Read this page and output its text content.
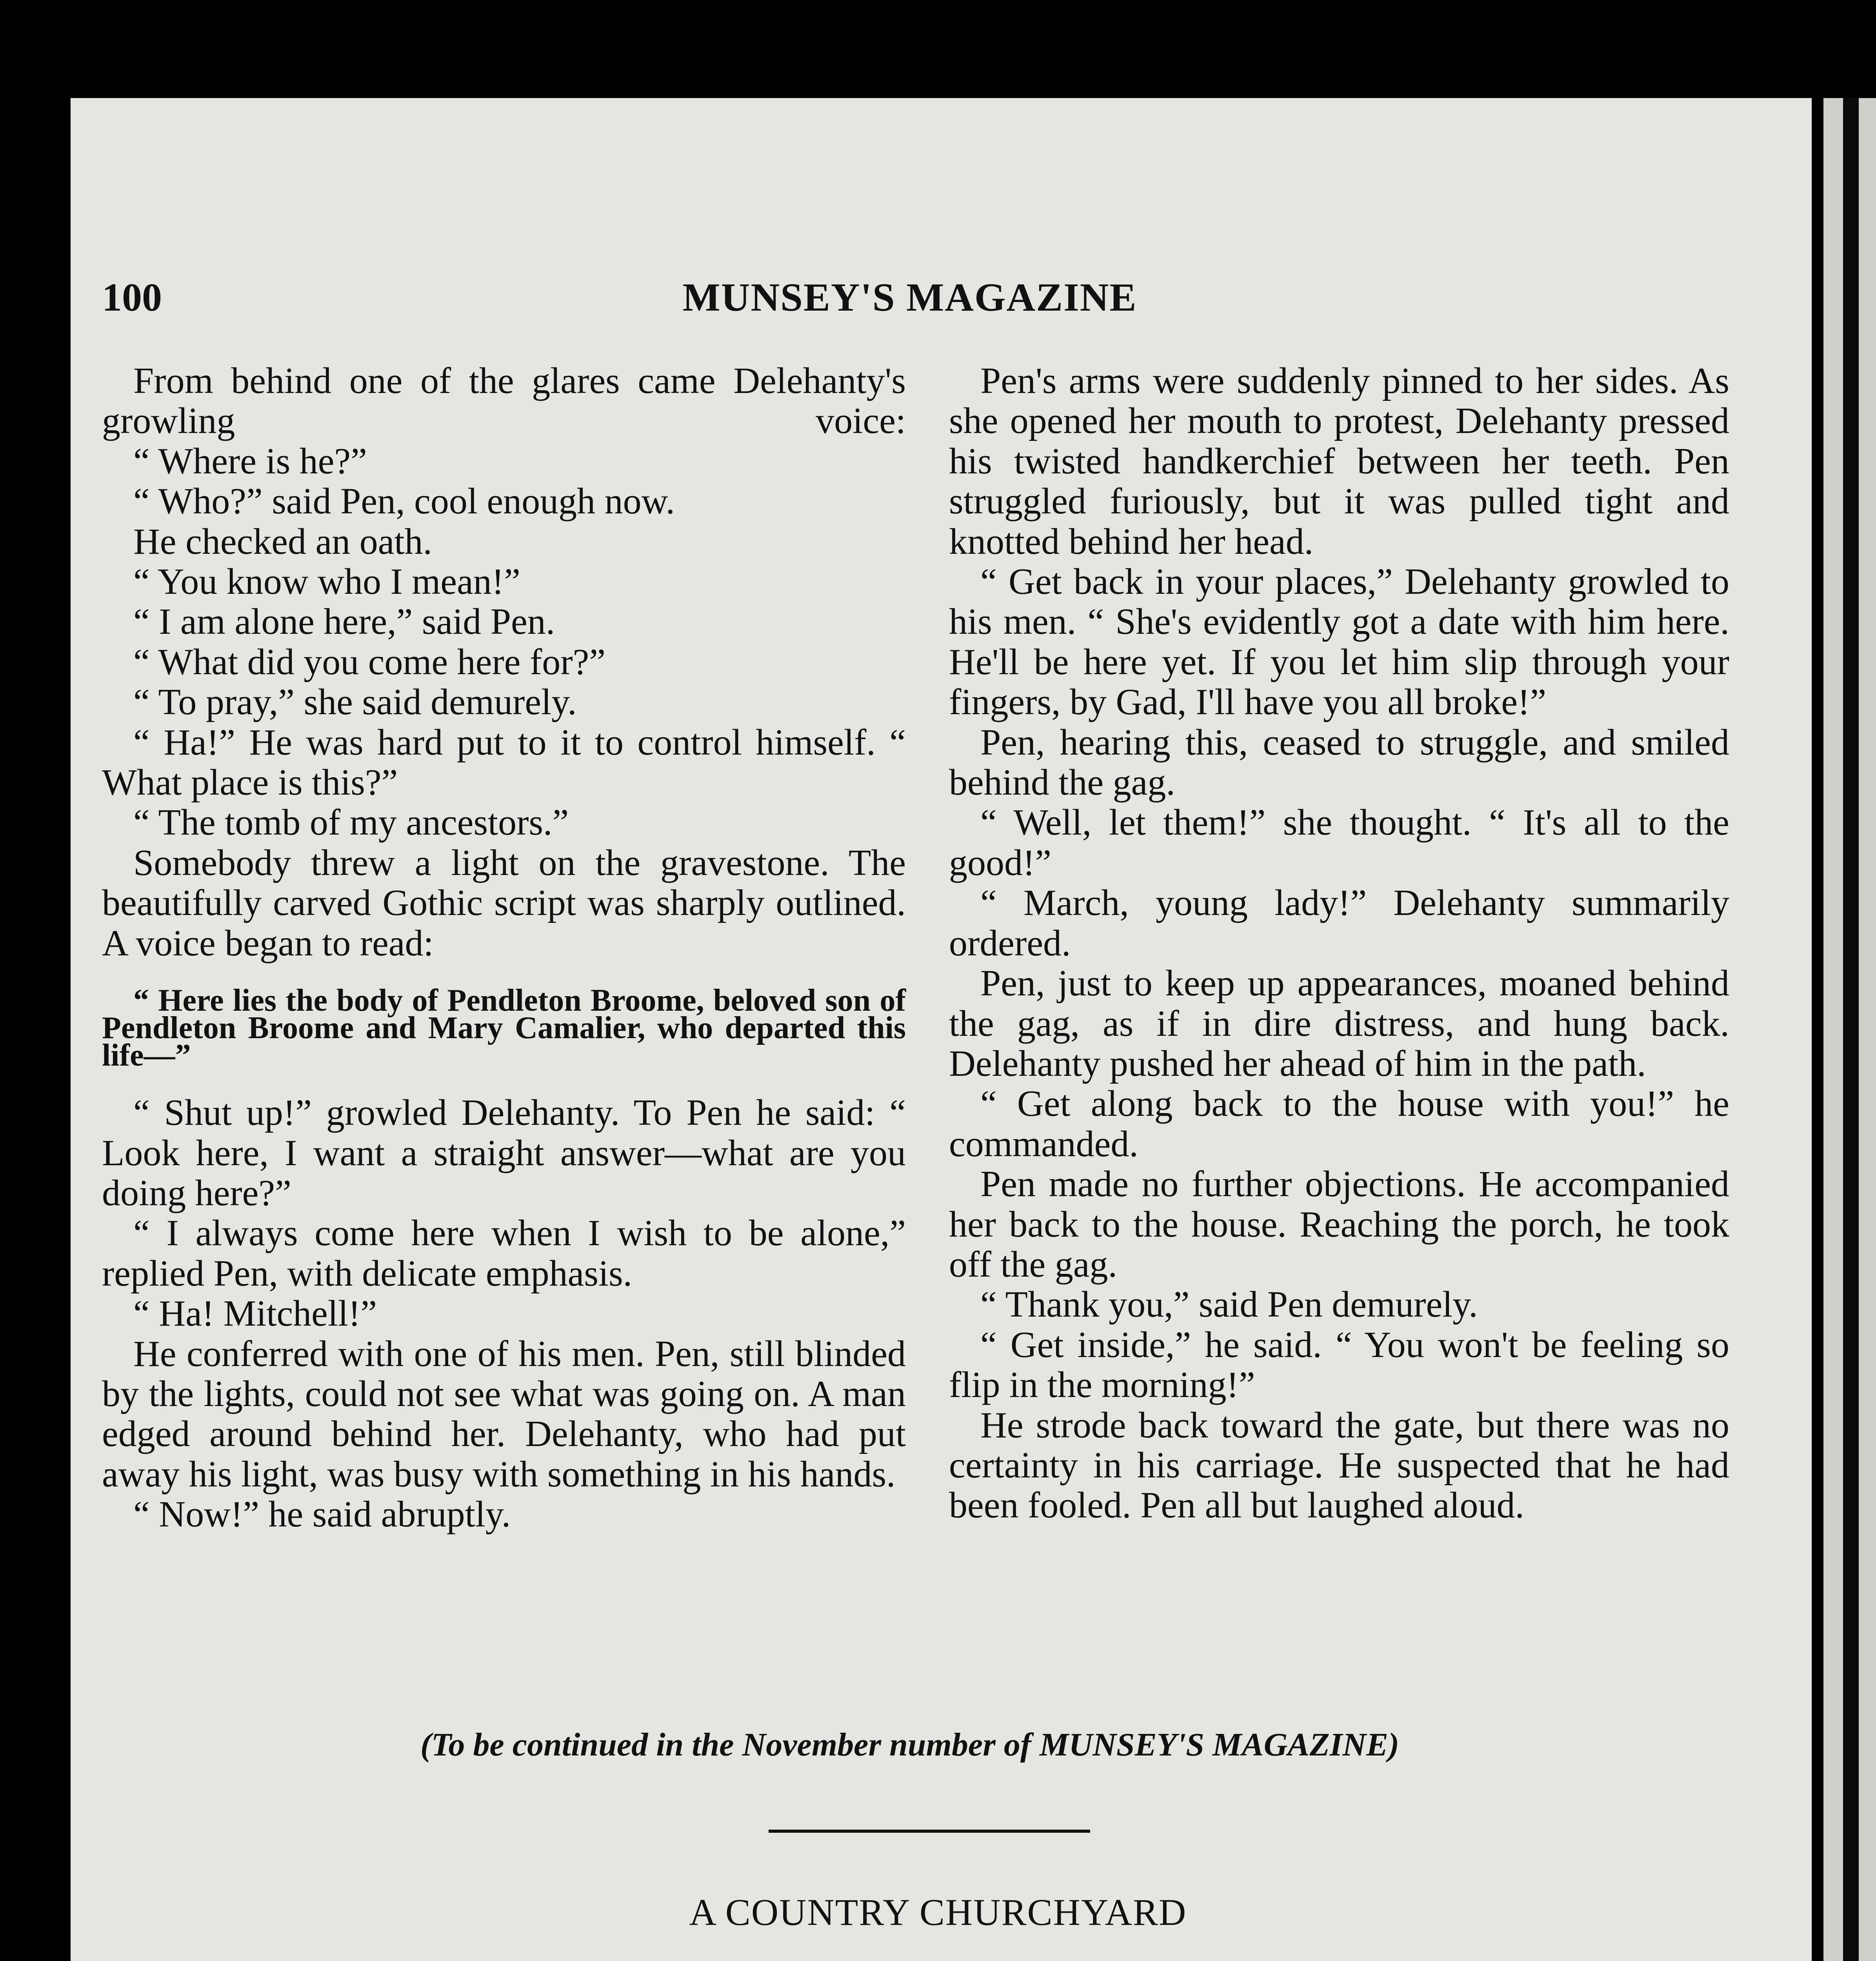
100	MUNSEY'S MAGAZINE

From behind one of the glares came Delehanty's growling voice:

“ Where is he?”

“ Who?” said Pen, cool enough now.

He checked an oath.

“ You know who I mean!”

“ I am alone here,” said Pen.

“ What did you come here for?”

“ To pray,” she said demurely.

“ Ha!” He was hard put to it to control himself. “ What place is this?”

“ The tomb of my ancestors.”

Somebody threw a light on the gravestone. The beautifully carved Gothic script was sharply outlined. A voice began to read:

“ Here lies the body of Pendleton Broome, beloved son of Pendleton Broome and Mary Camalier, who departed this life—”

“ Shut up!” growled Delehanty. To Pen he said: “ Look here, I want a straight answer—what are you doing here?”

“ I always come here when I wish to be alone,” replied Pen, with delicate emphasis.

“ Ha! Mitchell!”

He conferred with one of his men. Pen, still blinded by the lights, could not see what was going on. A man edged around behind her. Delehanty, who had put away his light, was busy with something in his hands.

“ Now!” he said abruptly.

Pen's arms were suddenly pinned to her sides. As she opened her mouth to protest, Delehanty pressed his twisted handkerchief between her teeth. Pen struggled furiously, but it was pulled tight and knotted behind her head.

“ Get back in your places,” Delehanty growled to his men. “ She's evidently got a date with him here. He'll be here yet. If you let him slip through your fingers, by Gad, I'll have you all broke!”

Pen, hearing this, ceased to struggle, and smiled behind the gag.

“ Well, let them!” she thought. “ It's all to the good!”

“ March, young lady!” Delehanty summarily ordered.

Pen, just to keep up appearances, moaned behind the gag, as if in dire distress, and hung back. Delehanty pushed her ahead of him in the path.

“ Get along back to the house with you!” he commanded.

Pen made no further objections. He accompanied her back to the house. Reaching the porch, he took off the gag.

“ Thank you,” said Pen demurely.

“ Get inside,” he said. “ You won't be feeling so flip in the morning!”

He strode back toward the gate, but there was no certainty in his carriage. He suspected that he had been fooled. Pen all but laughed aloud.

(To be continued in the November number of MUNSEY'S MAGAZINE)
A COUNTRY CHURCHYARD
